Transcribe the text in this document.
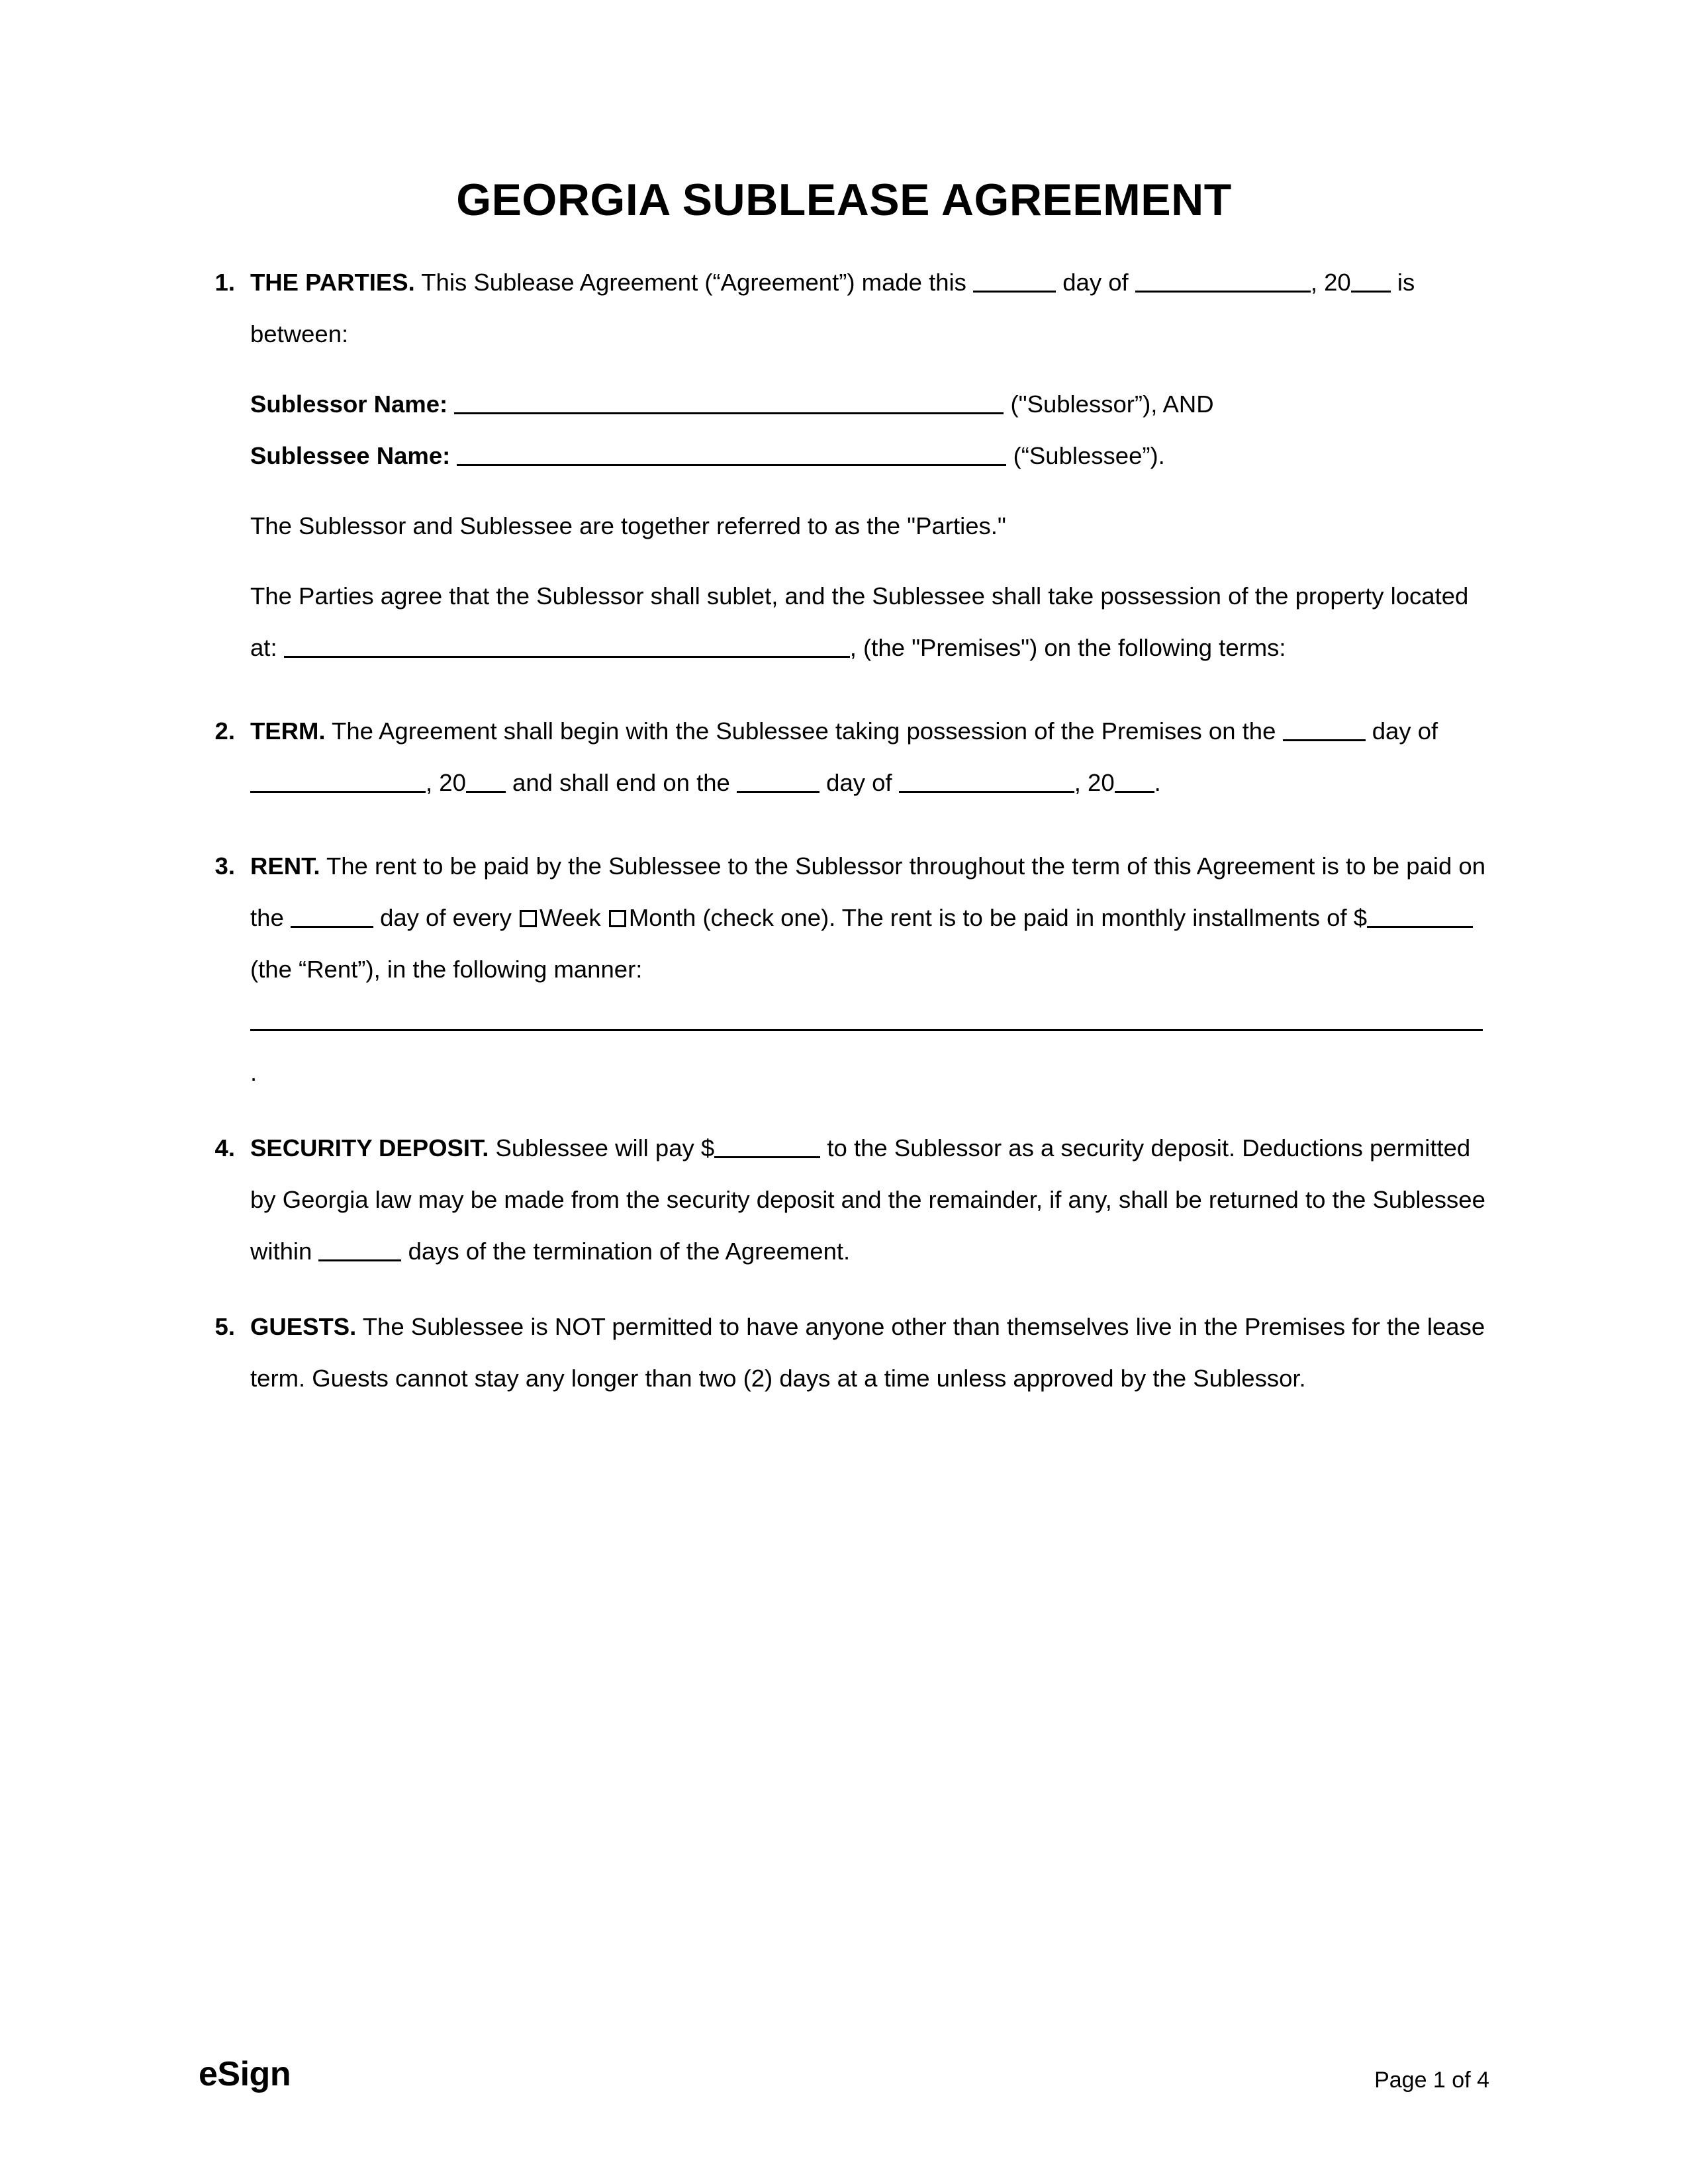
GEORGIA SUBLEASE AGREEMENT
1. THE PARTIES. This Sublease Agreement (“Agreement”) made this	day of	, 20 is between:
Sublessor Name:	("Sublessor”), AND
Sublessee Name:	(“Sublessee”).
The Sublessor and Sublessee are together referred to as the "Parties."
The Parties agree that the Sublessor shall sublet, and the Sublessee shall take possession of the property located at:	, (the "Premises") on the following terms:
2. TERM. The Agreement shall begin with the Sublessee taking possession of the Premises on the	day of , 20 and shall end on the	day of	, 20 .
3. RENT. The rent to be paid by the Sublessee to the Sublessor throughout the term of this Agreement is to be paid on the	day of every Week Month (check one). The rent is to be paid in monthly installments of $ (the “Rent”), in the following manner:
.
4. SECURITY DEPOSIT. Sublessee will pay $	to the Sublessor as a security deposit. Deductions permitted by Georgia law may be made from the security deposit and the remainder, if any, shall be returned to the Sublessee within	days of the termination of the Agreement.
5. GUESTS. The Sublessee is NOT permitted to have anyone other than themselves live in the Premises for the lease term. Guests cannot stay any longer than two (2) days at a time unless approved by the Sublessor.
eSign	Page 1 of 4
